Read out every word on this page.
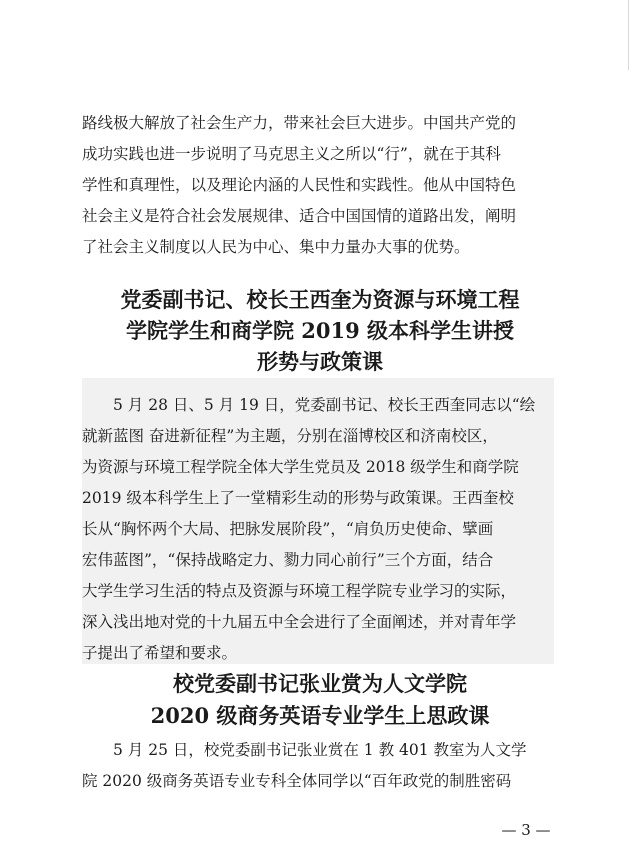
路线极大解放了社会生产力，带来社会巨大进步。中国共产党的
成功实践也进一步说明了马克思主义之所以“行”，就在于其科
学性和真理性，以及理论内涵的人民性和实践性。他从中国特色
社会主义是符合社会发展规律、适合中国国情的道路出发，阐明
了社会主义制度以人民为中心、集中力量办大事的优势。
党委副书记、校长王西奎为资源与环境工程
学院学生和商学院 2019 级本科学生讲授
形势与政策课
5 月 28 日、5 月 19 日，党委副书记、校长王西奎同志以“绘
就新蓝图 奋进新征程”为主题，分别在淄博校区和济南校区，
为资源与环境工程学院全体大学生党员及 2018 级学生和商学院
2019 级本科学生上了一堂精彩生动的形势与政策课。王西奎校
长从“胸怀两个大局、把脉发展阶段”，“肩负历史使命、擘画
宏伟蓝图”，“保持战略定力、勠力同心前行”三个方面，结合
大学生学习生活的特点及资源与环境工程学院专业学习的实际，
深入浅出地对党的十九届五中全会进行了全面阐述，并对青年学
子提出了希望和要求。
校党委副书记张业赏为人文学院
2020 级商务英语专业学生上思政课
5 月 25 日，校党委副书记张业赏在 1 教 401 教室为人文学
院 2020 级商务英语专业专科全体同学以“百年政党的制胜密码
— 3 —
